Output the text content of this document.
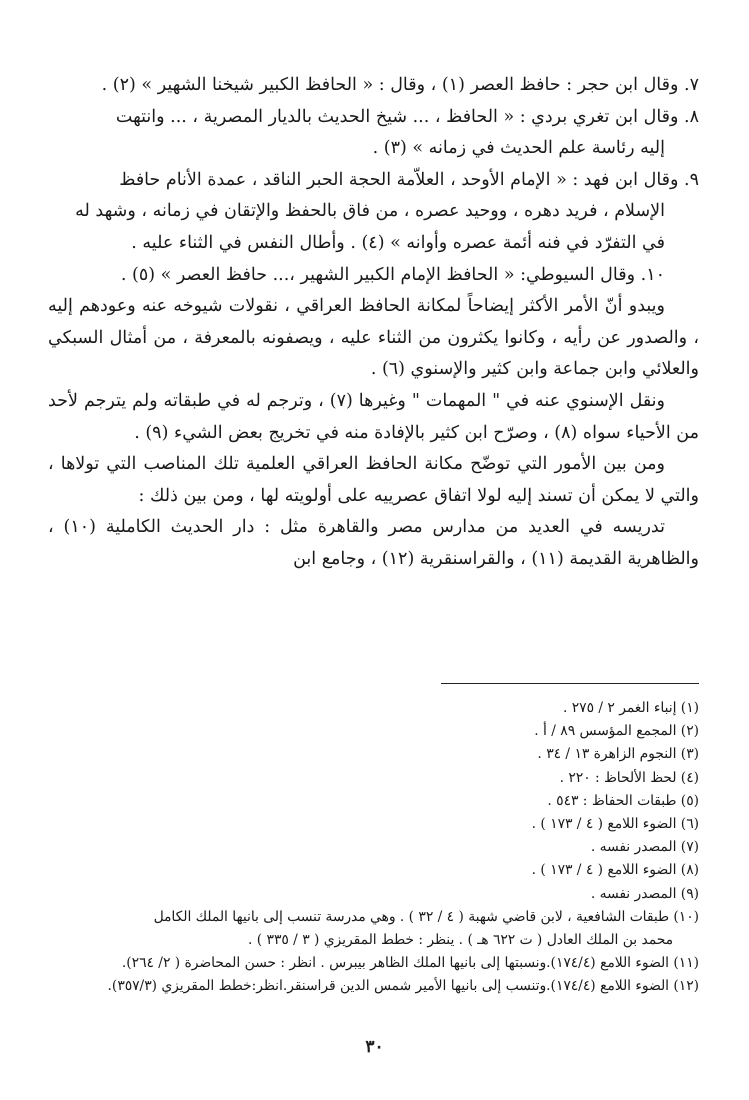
٧. وقال ابن حجر : حافظ العصر (١) ، وقال : « الحافظ الكبير شيخنا الشهير » (٢) .

٨. وقال ابن تغري بردي : « الحافظ ، ... شيخ الحديث بالديار المصرية ، ... وانتهت

إليه رئاسة علم الحديث في زمانه » (٣) .

٩. وقال ابن فهد : « الإمام الأوحد ، العلاّمة الحجة الحبر الناقد ، عمدة الأنام حافظ

الإسلام ، فريد دهره ، ووحيد عصره ، من فاق بالحفظ والإتقان في زمانه ، وشهد له

في التفرّد في فنه أئمة عصره وأوانه » (٤) . وأطال النفس في الثناء عليه .

١٠. وقال السيوطي: « الحافظ الإمام الكبير الشهير ،... حافظ العصر » (٥) .

ويبدو أنّ الأمر الأكثر إيضاحاً لمكانة الحافظ العراقي ، نقولات شيوخه عنه وعودهم إليه ، والصدور عن رأيه ، وكانوا يكثرون من الثناء عليه ، ويصفونه بالمعرفة ، من أمثال السبكي والعلائي وابن جماعة وابن كثير والإسنوي (٦) .

ونقل الإسنوي عنه في " المهمات " وغيرها (٧) ، وترجم له في طبقاته ولم يترجم لأحد من الأحياء سواه (٨) ، وصرّح ابن كثير بالإفادة منه في تخريج بعض الشيء (٩) .

ومن بين الأمور التي توضّح مكانة الحافظ العراقي العلمية تلك المناصب التي تولاها ، والتي لا يمكن أن تسند إليه لولا اتفاق عصرييه على أولويته لها ، ومن بين ذلك :

تدريسه في العديد من مدارس مصر والقاهرة مثل : دار الحديث الكاملية (١٠) ، والظاهرية القديمة (١١) ، والقراسنقرية (١٢) ، وجامع ابن

(١) إنباء الغمر ٢ / ٢٧٥ .

(٢) المجمع المؤسس ٨٩ / أ .

(٣) النجوم الزاهرة ١٣ / ٣٤ .

(٤) لحظ الألحاظ : ٢٢٠ .

(٥) طبقات الحفاظ : ٥٤٣ .

(٦) الضوء اللامع ( ٤ / ١٧٣ ) .

(٧) المصدر نفسه .

(٨) الضوء اللامع ( ٤ / ١٧٣ ) .

(٩) المصدر نفسه .

(١٠) طبقات الشافعية ، لابن قاضي شهبة ( ٤ / ٣٢ ) . وهي مدرسة تنسب إلى بانيها الملك الكامل

محمد بن الملك العادل ( ت ٦٢٢ هـ ) . ينظر : خطط المقريزي ( ٣ / ٣٣٥ ) .

(١١) الضوء اللامع (١٧٤/٤).ونسبتها إلى بانيها الملك الظاهر بيبرس . انظر : حسن المحاضرة ( ٢/ ٢٦٤).

(١٢) الضوء اللامع (١٧٤/٤).وتنسب إلى بانيها الأمير شمس الدين قراسنقر.انظر:خطط المقريزي (٣٥٧/٣).

٣٠
